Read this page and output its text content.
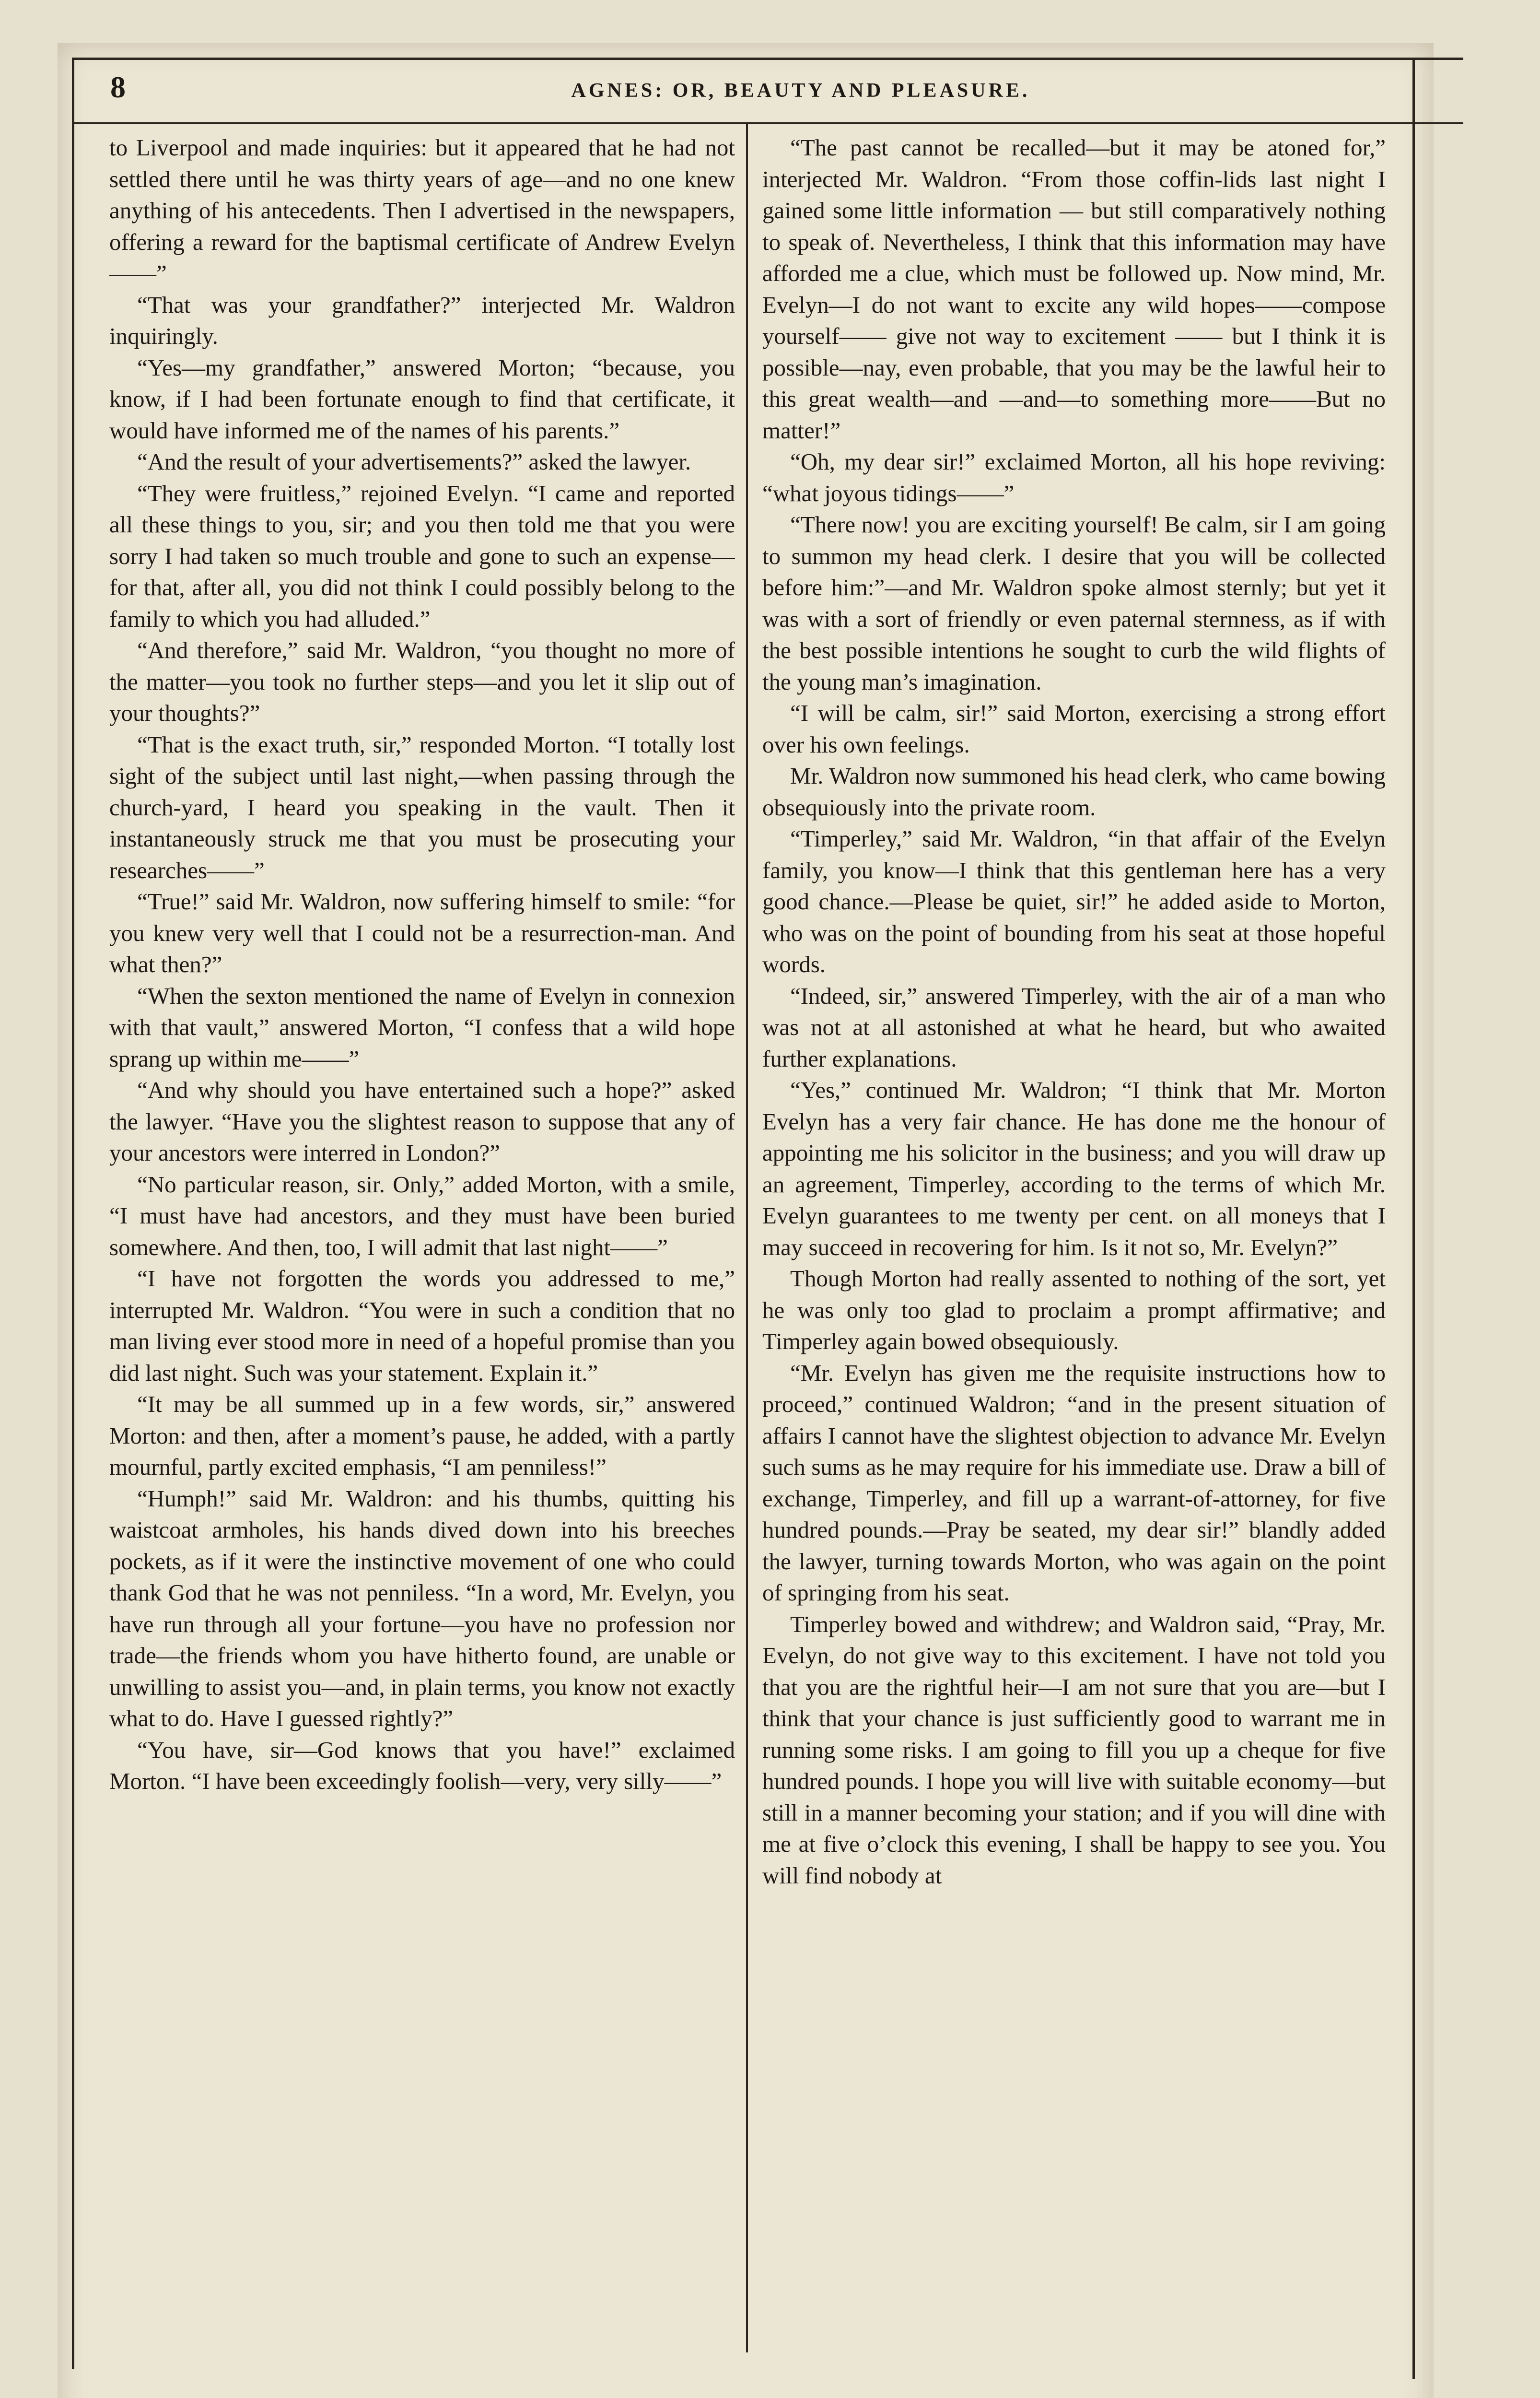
8	AGNES: OR, BEAUTY AND PLEASURE.

to Liverpool and made inquiries: but it appeared that he had not settled there until he was thirty years of age—and no one knew anything of his antecedents. Then I advertised in the newspapers, offering a reward for the baptismal certificate of Andrew Evelyn——”

“That was your grandfather?” interjected Mr. Waldron inquiringly.

“Yes—my grandfather,” answered Morton; “because, you know, if I had been fortunate enough to find that certificate, it would have informed me of the names of his parents.”

“And the result of your advertisements?” asked the lawyer.

“They were fruitless,” rejoined Evelyn. “I came and reported all these things to you, sir; and you then told me that you were sorry I had taken so much trouble and gone to such an expense—for that, after all, you did not think I could possibly belong to the family to which you had alluded.”

“And therefore,” said Mr. Waldron, “you thought no more of the matter—you took no further steps—and you let it slip out of your thoughts?”

“That is the exact truth, sir,” responded Morton. “I totally lost sight of the subject until last night,—when passing through the church-yard, I heard you speaking in the vault. Then it instantaneously struck me that you must be prosecuting your researches——”

“True!” said Mr. Waldron, now suffering himself to smile: “for you knew very well that I could not be a resurrection-man. And what then?”

“When the sexton mentioned the name of Evelyn in connexion with that vault,” answered Morton, “I confess that a wild hope sprang up within me——”

“And why should you have entertained such a hope?” asked the lawyer. “Have you the slightest reason to suppose that any of your ancestors were interred in London?”

“No particular reason, sir. Only,” added Morton, with a smile, “I must have had ancestors, and they must have been buried somewhere. And then, too, I will admit that last night——”

“I have not forgotten the words you addressed to me,” interrupted Mr. Waldron. “You were in such a condition that no man living ever stood more in need of a hopeful promise than you did last night. Such was your statement. Explain it.”

“It may be all summed up in a few words, sir,” answered Morton: and then, after a moment’s pause, he added, with a partly mournful, partly excited emphasis, “I am penniless!”

“Humph!” said Mr. Waldron: and his thumbs, quitting his waistcoat armholes, his hands dived down into his breeches pockets, as if it were the instinctive movement of one who could thank God that he was not penniless. “In a word, Mr. Evelyn, you have run through all your fortune—you have no profession nor trade—the friends whom you have hitherto found, are unable or unwilling to assist you—and, in plain terms, you know not exactly what to do. Have I guessed rightly?”

“You have, sir—God knows that you have!” exclaimed Morton. “I have been exceedingly foolish—very, very silly——”

“The past cannot be recalled—but it may be atoned for,” interjected Mr. Waldron. “From those coffin-lids last night I gained some little information — but still comparatively nothing to speak of. Nevertheless, I think that this information may have afforded me a clue, which must be followed up. Now mind, Mr. Evelyn—I do not want to excite any wild hopes——compose yourself—— give not way to excitement —— but I think it is possible—nay, even probable, that you may be the lawful heir to this great wealth—and —and—to something more——But no matter!”

“Oh, my dear sir!” exclaimed Morton, all his hope reviving: “what joyous tidings——”

“There now! you are exciting yourself! Be calm, sir I am going to summon my head clerk. I desire that you will be collected before him:”—and Mr. Waldron spoke almost sternly; but yet it was with a sort of friendly or even paternal sternness, as if with the best possible intentions he sought to curb the wild flights of the young man’s imagination.

“I will be calm, sir!” said Morton, exercising a strong effort over his own feelings.

Mr. Waldron now summoned his head clerk, who came bowing obsequiously into the private room.

“Timperley,” said Mr. Waldron, “in that affair of the Evelyn family, you know—I think that this gentleman here has a very good chance.—Please be quiet, sir!” he added aside to Morton, who was on the point of bounding from his seat at those hopeful words.

“Indeed, sir,” answered Timperley, with the air of a man who was not at all astonished at what he heard, but who awaited further explanations.

“Yes,” continued Mr. Waldron; “I think that Mr. Morton Evelyn has a very fair chance. He has done me the honour of appointing me his solicitor in the business; and you will draw up an agreement, Timperley, according to the terms of which Mr. Evelyn guarantees to me twenty per cent. on all moneys that I may succeed in recovering for him. Is it not so, Mr. Evelyn?”

Though Morton had really assented to nothing of the sort, yet he was only too glad to proclaim a prompt affirmative; and Timperley again bowed obsequiously.

“Mr. Evelyn has given me the requisite instructions how to proceed,” continued Waldron; “and in the present situation of affairs I cannot have the slightest objection to advance Mr. Evelyn such sums as he may require for his immediate use. Draw a bill of exchange, Timperley, and fill up a warrant-of-attorney, for five hundred pounds.—Pray be seated, my dear sir!” blandly added the lawyer, turning towards Morton, who was again on the point of springing from his seat.

Timperley bowed and withdrew; and Waldron said, “Pray, Mr. Evelyn, do not give way to this excitement. I have not told you that you are the rightful heir—I am not sure that you are—but I think that your chance is just sufficiently good to warrant me in running some risks. I am going to fill you up a cheque for five hundred pounds. I hope you will live with suitable economy—but still in a manner becoming your station; and if you will dine with me at five o’clock this evening, I shall be happy to see you. You will find nobody at
